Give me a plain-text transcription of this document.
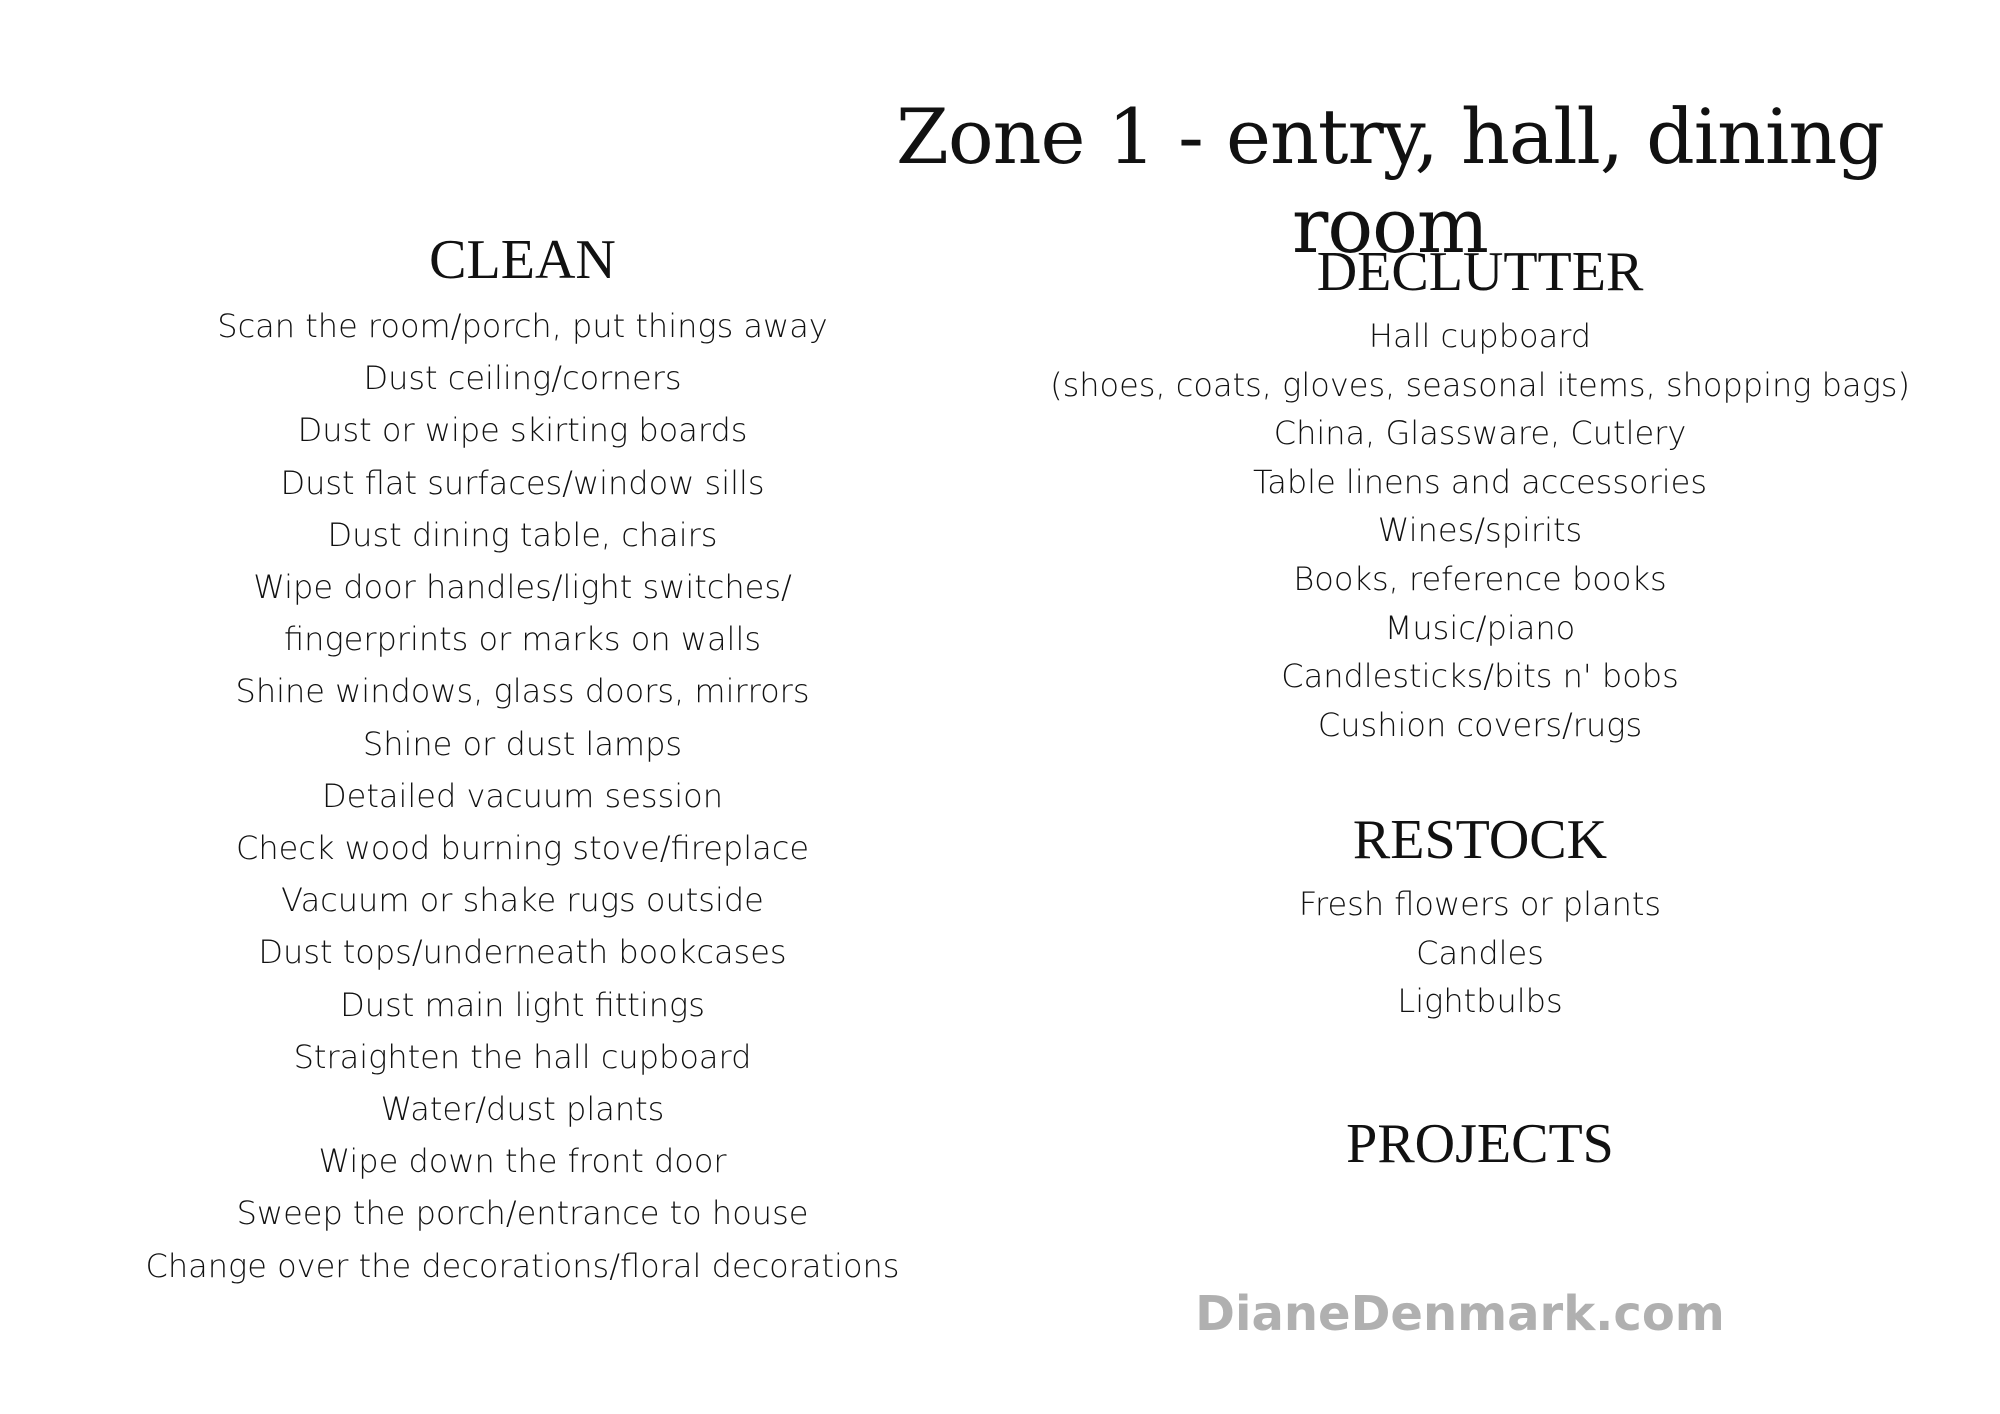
Zone 1 - entry, hall, dining room
CLEAN
Scan the room/porch, put things away
Dust ceiling/corners
Dust or wipe skirting boards
Dust flat surfaces/window sills
Dust dining table, chairs
Wipe door handles/light switches/
fingerprints or marks on walls
Shine windows, glass doors, mirrors
Shine or dust lamps
Detailed vacuum session
Check wood burning stove/fireplace
Vacuum or shake rugs outside
Dust tops/underneath bookcases
Dust main light fittings
Straighten the hall cupboard
Water/dust plants
Wipe down the front door
Sweep the porch/entrance to house
Change over the decorations/floral decorations
DECLUTTER
Hall cupboard
(shoes, coats, gloves, seasonal items, shopping bags)
China, Glassware, Cutlery
Table linens and accessories
Wines/spirits
Books, reference books
Music/piano
Candlesticks/bits n' bobs
Cushion covers/rugs
RESTOCK
Fresh flowers or plants
Candles
Lightbulbs
PROJECTS
DianeDenmark.com
